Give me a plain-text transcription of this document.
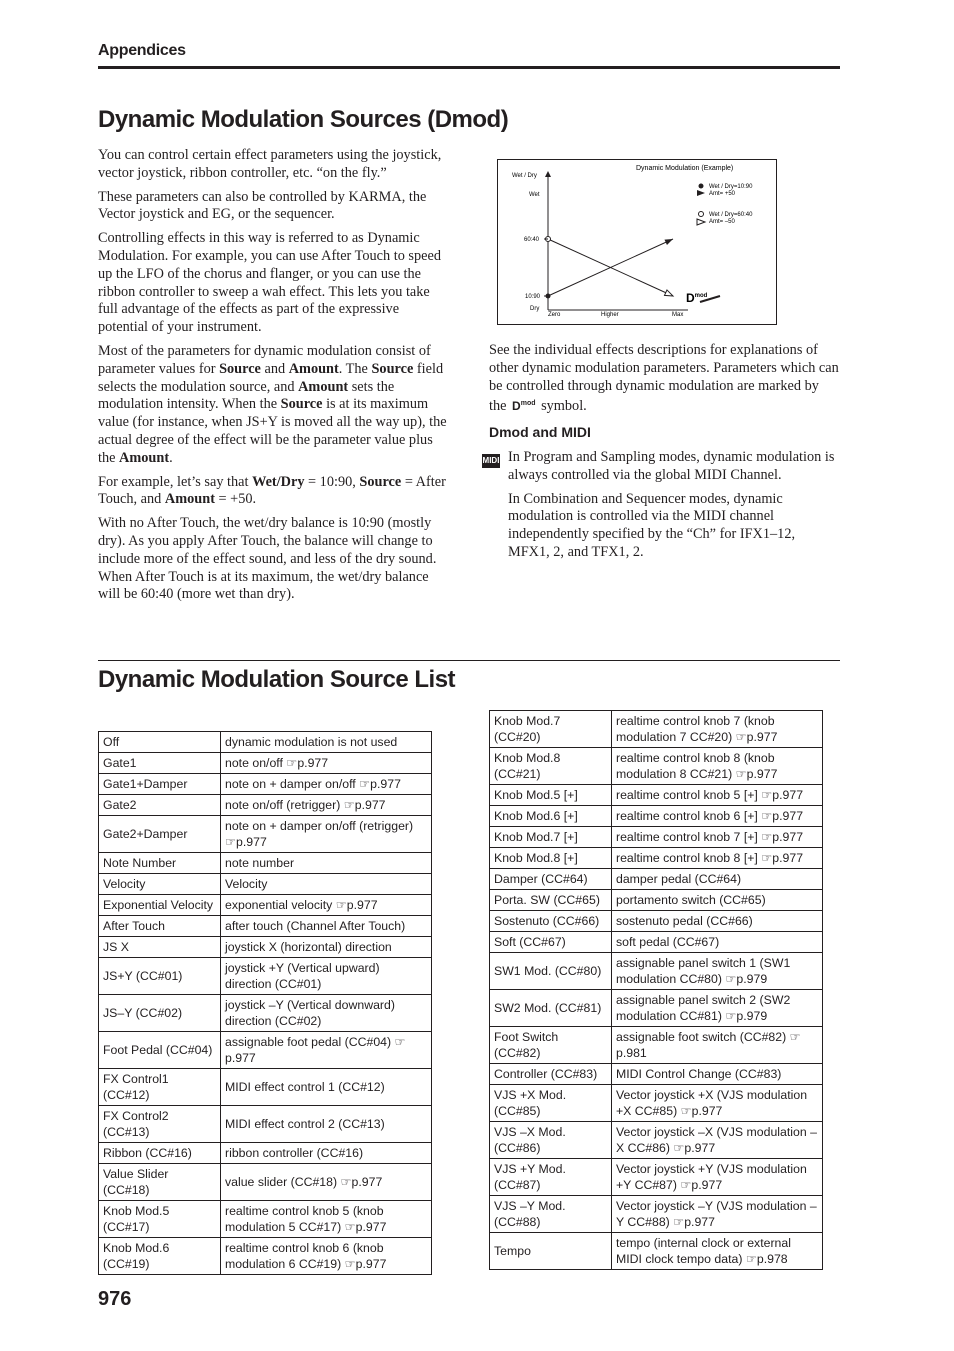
Appendices
Dynamic Modulation Sources (Dmod)

You can control certain effect parameters using the joystick, vector joystick, ribbon controller, etc. “on the fly.”

These parameters can also be controlled by KARMA, the Vector joystick and EG, or the sequencer.

Controlling effects in this way is referred to as Dynamic Modulation. For example, you can use After Touch to speed up the LFO of the chorus and flanger, or you can use the ribbon controller to sweep a wah effect. This lets you take full advantage of the effects as part of the expressive potential of your instrument.

Most of the parameters for dynamic modulation consist of parameter values for Source and Amount. The Source field selects the modulation source, and Amount sets the modulation intensity. When the Source is at its maximum value (for instance, when JS+Y is moved all the way up), the actual degree of the effect will be the parameter value plus the Amount.

For example, let’s say that Wet/Dry = 10:90, Source = After Touch, and Amount = +50.

With no After Touch, the wet/dry balance is 10:90 (mostly dry). As you apply After Touch, the balance will change to include more of the effect sound, and less of the dry sound. When After Touch is at its maximum, the wet/dry balance will be 60:40 (more wet than dry).

Dynamic Modulation (Example)
Wet / Dry
Wet
60:40
10:90
Dry
Zero	Higher	Max
Wet / Dry=10:90
Amt= +50
Wet / Dry=60:40
Amt= –50
$D^{mod}$

See the individual effects descriptions for explanations of other dynamic modulation parameters. Parameters which can be controlled through dynamic modulation are marked by the $D^{mod}$ symbol.

Dmod and MIDI
MIDI In Program and Sampling modes, dynamic modulation is always controlled via the global MIDI Channel.

In Combination and Sequencer modes, dynamic modulation is controlled via the MIDI channel independently specified by the “Ch” for IFX1–12, MFX1, 2, and TFX1, 2.

Dynamic Modulation Source List
Off	dynamic modulation is not used
Gate1	note on/off ☞p.977
Gate1+Damper	note on + damper on/off ☞p.977
Gate2	note on/off (retrigger) ☞p.977
Gate2+Damper	note on + damper on/off (retrigger) ☞p.977
Note Number	note number
Velocity	Velocity
Exponential Velocity	exponential velocity ☞p.977
After Touch	after touch (Channel After Touch)
JS X	joystick X (horizontal) direction
JS+Y (CC#01)	joystick +Y (Vertical upward) direction (CC#01)
JS–Y (CC#02)	joystick –Y (Vertical downward) direction (CC#02)
Foot Pedal (CC#04)	assignable foot pedal (CC#04) ☞p.977
FX Control1 (CC#12)	MIDI effect control 1 (CC#12)
FX Control2 (CC#13)	MIDI effect control 2 (CC#13)
Ribbon (CC#16)	ribbon controller (CC#16)
Value Slider (CC#18)	value slider (CC#18) ☞p.977
Knob Mod.5 (CC#17)	realtime control knob 5 (knob modulation 5 CC#17) ☞p.977
Knob Mod.6 (CC#19)	realtime control knob 6 (knob modulation 6 CC#19) ☞p.977
Knob Mod.7 (CC#20)	realtime control knob 7 (knob modulation 7 CC#20) ☞p.977
Knob Mod.8 (CC#21)	realtime control knob 8 (knob modulation 8 CC#21) ☞p.977
Knob Mod.5 [+]	realtime control knob 5 [+] ☞p.977
Knob Mod.6 [+]	realtime control knob 6 [+] ☞p.977
Knob Mod.7 [+]	realtime control knob 7 [+] ☞p.977
Knob Mod.8 [+]	realtime control knob 8 [+] ☞p.977
Damper (CC#64)	damper pedal (CC#64)
Porta. SW (CC#65)	portamento switch (CC#65)
Sostenuto (CC#66)	sostenuto pedal (CC#66)
Soft (CC#67)	soft pedal (CC#67)
SW1 Mod. (CC#80)	assignable panel switch 1 (SW1 modulation CC#80) ☞p.979
SW2 Mod. (CC#81)	assignable panel switch 2 (SW2 modulation CC#81) ☞p.979
Foot Switch (CC#82)	assignable foot switch (CC#82) ☞p.981
Controller (CC#83)	MIDI Control Change (CC#83)
VJS +X Mod.(CC#85)	Vector joystick +X (VJS modulation +X CC#85) ☞p.977
VJS –X Mod.(CC#86)	Vector joystick –X (VJS modulation – X CC#86) ☞p.977
VJS +Y Mod.(CC#87)	Vector joystick +Y (VJS modulation +Y CC#87) ☞p.977
VJS –Y Mod.(CC#88)	Vector joystick –Y (VJS modulation – Y CC#88) ☞p.977
Tempo	tempo (internal clock or external MIDI clock tempo data) ☞p.978
976
